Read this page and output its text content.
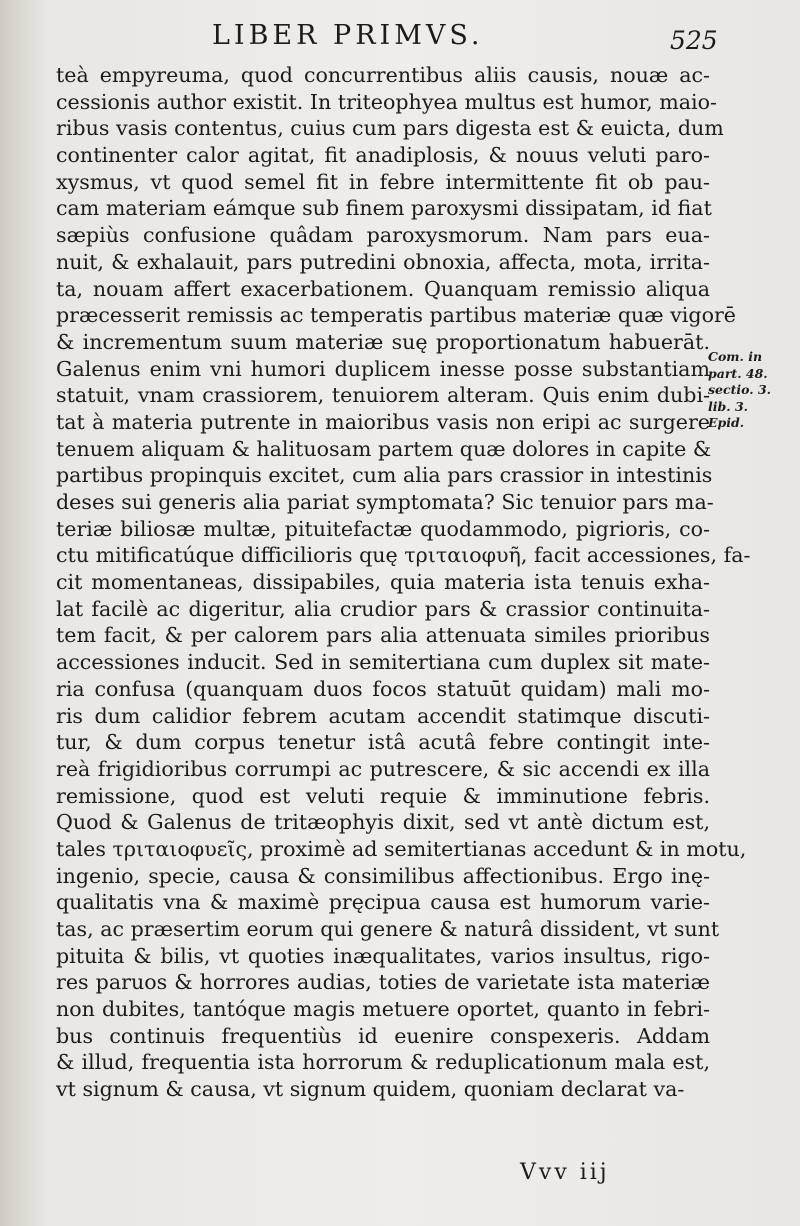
LIBER PRIMVS.	525
teà empyreuma, quod concurrentibus aliis causis, nouæ ac-
cessionis author existit. In triteophyea multus est humor, maio-
ribus vasis contentus, cuius cum pars digesta est & euicta, dum
continenter calor agitat, fit anadiplosis, & nouus veluti paro-
xysmus, vt quod semel fit in febre intermittente fit ob pau-
cam materiam eámque sub finem paroxysmi dissipatam, id fiat
sæpiùs confusione quâdam paroxysmorum. Nam pars eua-
nuit, & exhalauit, pars putredini obnoxia, affecta, mota, irrita-
ta, nouam affert exacerbationem. Quanquam remissio aliqua
præcesserit remissis ac temperatis partibus materiæ quæ vigorē
& incrementum suum materiæ suę proportionatum habuerāt.
Galenus enim vni humori duplicem inesse posse substantiam
statuit, vnam crassiorem, tenuiorem alteram. Quis enim dubi-
tat à materia putrente in maioribus vasis non eripi ac surgere
tenuem aliquam & halituosam partem quæ dolores in capite &
partibus propinquis excitet, cum alia pars crassior in intestinis
deses sui generis alia pariat symptomata? Sic tenuior pars ma-
teriæ biliosæ multæ, pituitefactæ quodammodo, pigrioris, co-
ctu mitificatúque difficilioris quę τριταιοφυῆ, facit accessiones, fa-
cit momentaneas, dissipabiles, quia materia ista tenuis exha-
lat facilè ac digeritur, alia crudior pars & crassior continuita-
tem facit, & per calorem pars alia attenuata similes prioribus
accessiones inducit. Sed in semitertiana cum duplex sit mate-
ria confusa (quanquam duos focos statuūt quidam) mali mo-
ris dum calidior febrem acutam accendit statimque discuti-
tur, & dum corpus tenetur istâ acutâ febre contingit inte-
reà frigidioribus corrumpi ac putrescere, & sic accendi ex illa
remissione, quod est veluti requie & imminutione febris.
Quod & Galenus de tritæophyis dixit, sed vt antè dictum est,
tales τριταιοφυεῖς, proximè ad semitertianas accedunt & in motu,
ingenio, specie, causa & consimilibus affectionibus. Ergo inę-
qualitatis vna & maximè pręcipua causa est humorum varie-
tas, ac præsertim eorum qui genere & naturâ dissident, vt sunt
pituita & bilis, vt quoties inæqualitates, varios insultus, rigo-
res paruos & horrores audias, toties de varietate ista materiæ
non dubites, tantóque magis metuere oportet, quanto in febri-
bus continuis frequentiùs id euenire conspexeris. Addam
& illud, frequentia ista horrorum & reduplicationum mala est,
vt signum & causa, vt signum quidem, quoniam declarat va-
Com. in
part. 48.
sectio. 3.
lib. 3.
Epid.
Vvv iij
